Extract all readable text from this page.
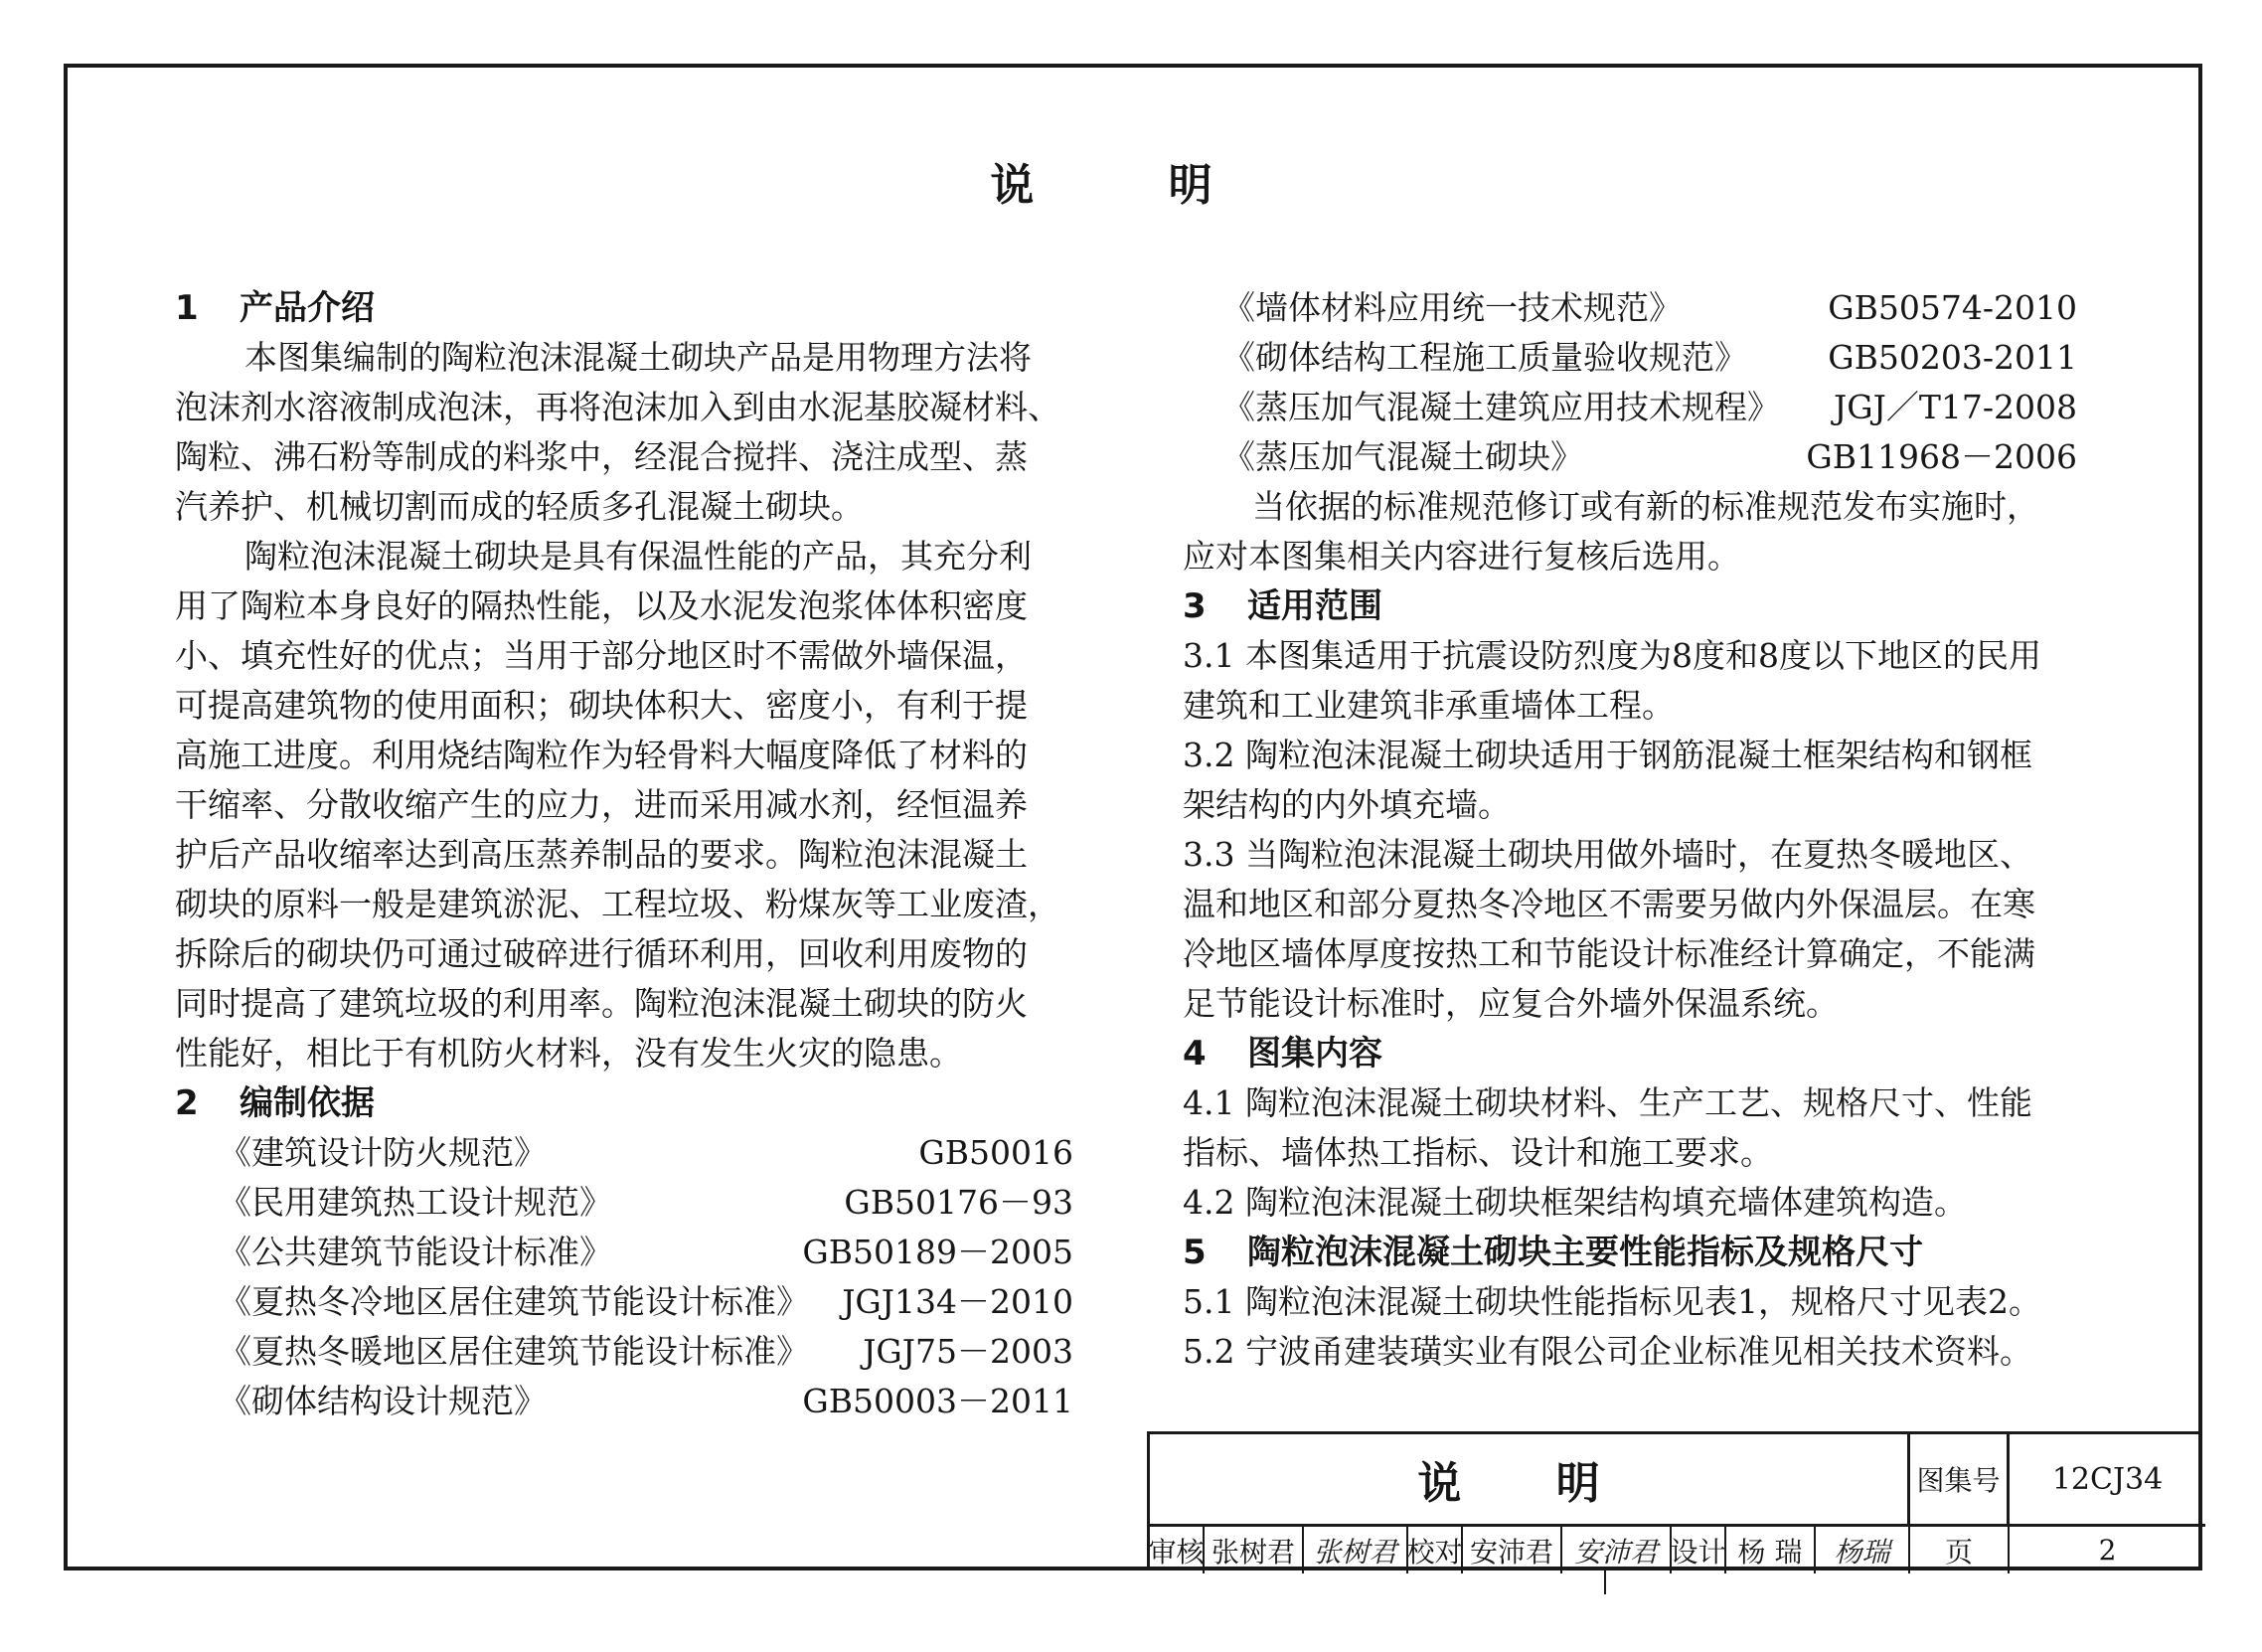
说 明

1 产品介绍

本图集编制的陶粒泡沫混凝土砌块产品是用物理方法将

泡沫剂水溶液制成泡沫，再将泡沫加入到由水泥基胶凝材料、

陶粒、沸石粉等制成的料浆中，经混合搅拌、浇注成型、蒸

汽养护、机械切割而成的轻质多孔混凝土砌块。

陶粒泡沫混凝土砌块是具有保温性能的产品，其充分利

用了陶粒本身良好的隔热性能，以及水泥发泡浆体体积密度

小、填充性好的优点；当用于部分地区时不需做外墙保温，

可提高建筑物的使用面积；砌块体积大、密度小，有利于提

高施工进度。利用烧结陶粒作为轻骨料大幅度降低了材料的

干缩率、分散收缩产生的应力，进而采用减水剂，经恒温养

护后产品收缩率达到高压蒸养制品的要求。陶粒泡沫混凝土

砌块的原料一般是建筑淤泥、工程垃圾、粉煤灰等工业废渣，

拆除后的砌块仍可通过破碎进行循环利用，回收利用废物的

同时提高了建筑垃圾的利用率。陶粒泡沫混凝土砌块的防火

性能好，相比于有机防火材料，没有发生火灾的隐患。

2 编制依据

《建筑设计防火规范》	GB50016
《民用建筑热工设计规范》	GB50176－93
《公共建筑节能设计标准》	GB50189－2005
《夏热冬冷地区居住建筑节能设计标准》 JGJ134－2010
《夏热冬暖地区居住建筑节能设计标准》 JGJ75－2003
《砌体结构设计规范》	GB50003－2011
《墙体材料应用统一技术规范》	GB50574-2010
《砌体结构工程施工质量验收规范》 GB50203-2011
《蒸压加气混凝土建筑应用技术规程》 JGJ／T17-2008
《蒸压加气混凝土砌块》	GB11968－2006

当依据的标准规范修订或有新的标准规范发布实施时，

应对本图集相关内容进行复核后选用。

3 适用范围

3.1 本图集适用于抗震设防烈度为8度和8度以下地区的民用

建筑和工业建筑非承重墙体工程。

3.2 陶粒泡沫混凝土砌块适用于钢筋混凝土框架结构和钢框

架结构的内外填充墙。

3.3 当陶粒泡沫混凝土砌块用做外墙时，在夏热冬暖地区、

温和地区和部分夏热冬冷地区不需要另做内外保温层。在寒

冷地区墙体厚度按热工和节能设计标准经计算确定，不能满

足节能设计标准时，应复合外墙外保温系统。

4 图集内容

4.1 陶粒泡沫混凝土砌块材料、生产工艺、规格尺寸、性能

指标、墙体热工指标、设计和施工要求。

4.2 陶粒泡沫混凝土砌块框架结构填充墙体建筑构造。

5 陶粒泡沫混凝土砌块主要性能指标及规格尺寸

5.1 陶粒泡沫混凝土砌块性能指标见表1，规格尺寸见表2。

5.2 宁波甬建装璜实业有限公司企业标准见相关技术资料。

说 明	图集号	12CJ34
审核 张树君 张树君 校对 安沛君 安沛君 设计 杨 瑞	杨瑞	页	2
